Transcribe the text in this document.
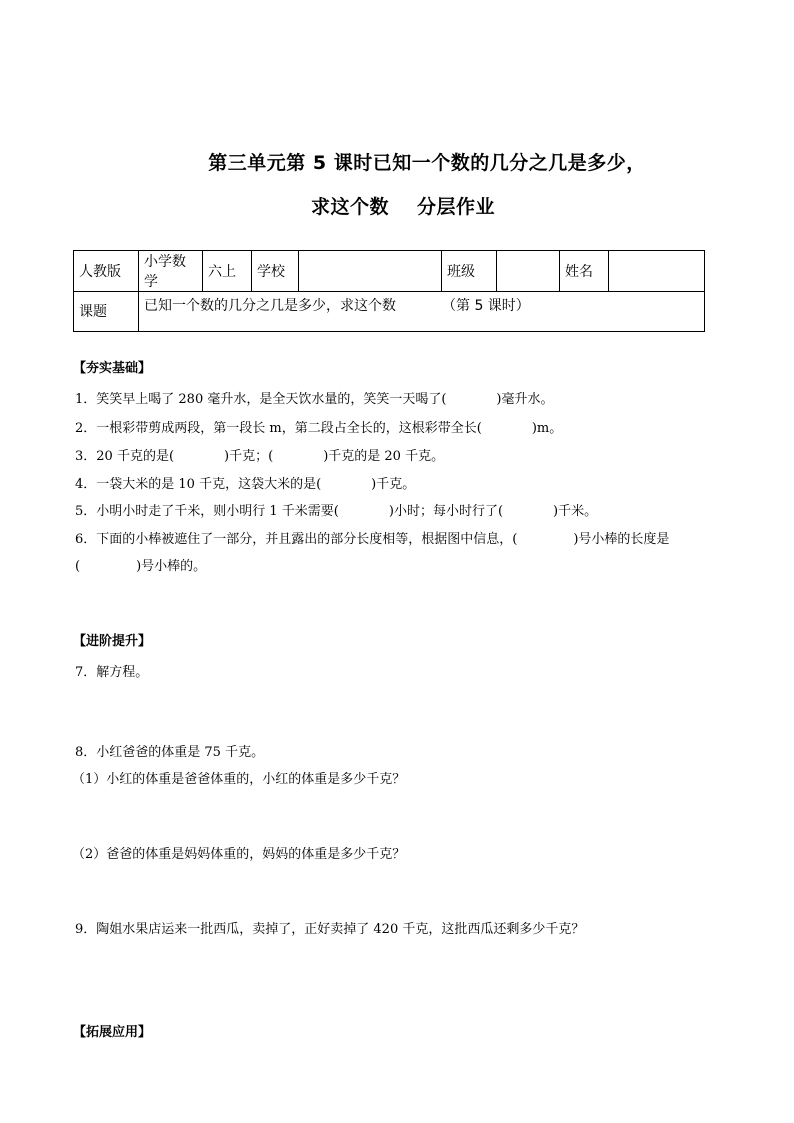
第三单元第 5 课时已知一个数的几分之几是多少，
求这个数 分层作业
人教版	小学数学	六上	学校		班级		姓名	

课题	已知一个数的几分之几是多少，求这个数 （第 5 课时）							
【夯实基础】
1．笑笑早上喝了 280 毫升水，是全天饮水量的，笑笑一天喝了(	)毫升水。
2．一根彩带剪成两段，第一段长 m，第二段占全长的，这根彩带全长(	)m。
3．20 千克的是(	)千克；(	)千克的是 20 千克。
4．一袋大米的是 10 千克，这袋大米的是(	)千克。
5．小明小时走了千米，则小明行 1 千米需要(	)小时；每小时行了(	)千米。
6．下面的小棒被遮住了一部分，并且露出的部分长度相等，根据图中信息，(	)号小棒的长度是
(	)号小棒的。
【进阶提升】
7．解方程。
8．小红爸爸的体重是 75 千克。
（1）小红的体重是爸爸体重的，小红的体重是多少千克？
（2）爸爸的体重是妈妈体重的，妈妈的体重是多少千克？
9．陶姐水果店运来一批西瓜，卖掉了，正好卖掉了 420 千克，这批西瓜还剩多少千克？
【拓展应用】
